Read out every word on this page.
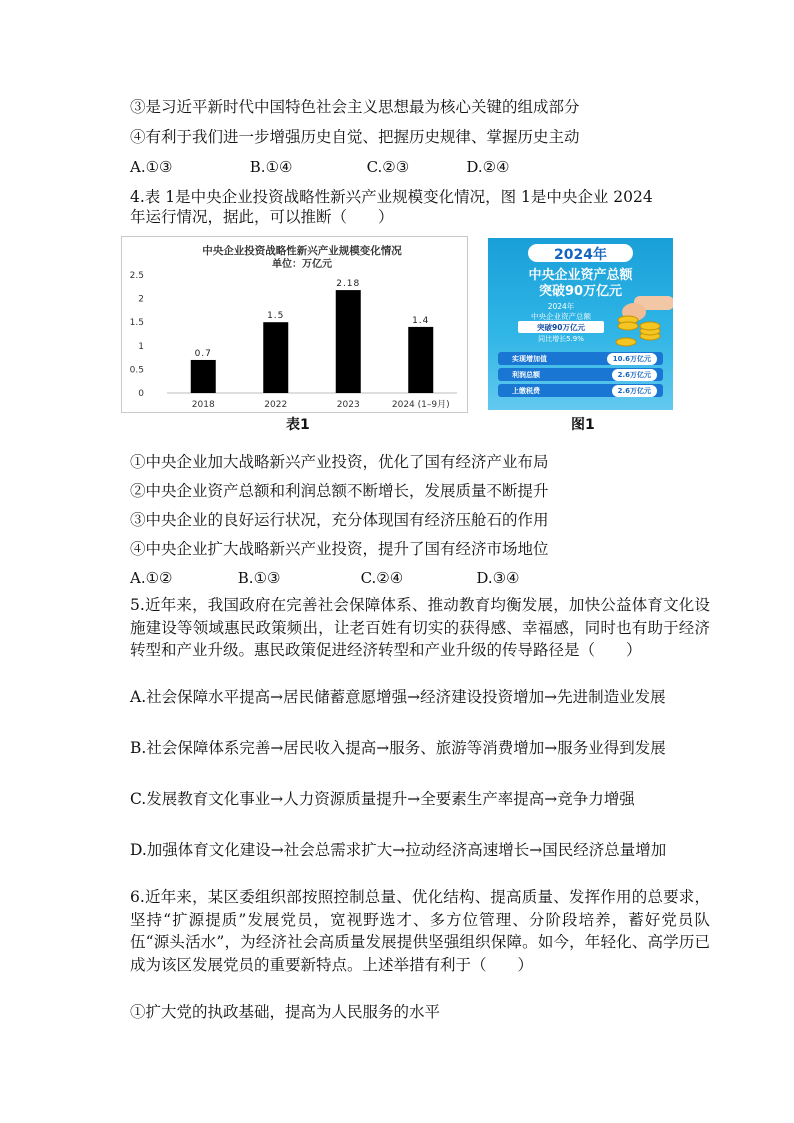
③是习近平新时代中国特色社会主义思想最为核心关键的组成部分
④有利于我们进一步增强历史自觉、把握历史规律、掌握历史主动
A.①③	B.①④	C.②③	D.②④
4.表 1是中央企业投资战略性新兴产业规模变化情况，图 1是中央企业 2024
年运行情况，据此，可以推断（　　）
中央企业投资战略性新兴产业规模变化情况
单位：万亿元
0
0.5
1
1.5
2
2.5
0.7
2018
1.5
2022
2.18
2023
1.4
2024 (1–9月)
表1
2024年
中央企业资产总额
突破90万亿元
2024年
中央企业资产总额
突破90万亿元
同比增长5.9%
实现增加值	10.6万亿元
利润总额	2.6万亿元
上缴税费	2.6万亿元
图1
①中央企业加大战略新兴产业投资，优化了国有经济产业布局
②中央企业资产总额和利润总额不断增长，发展质量不断提升
③中央企业的良好运行状况，充分体现国有经济压舱石的作用
④中央企业扩大战略新兴产业投资，提升了国有经济市场地位
A.①②	B.①③	C.②④	D.③④
5.近年来，我国政府在完善社会保障体系、推动教育均衡发展，加快公益体育文化设施建设等领域惠民政策频出，让老百姓有切实的获得感、幸福感，同时也有助于经济转型和产业升级。惠民政策促进经济转型和产业升级的传导路径是（　　）
A.社会保障水平提高→居民储蓄意愿增强→经济建设投资增加→先进制造业发展
B.社会保障体系完善→居民收入提高→服务、旅游等消费增加→服务业得到发展
C.发展教育文化事业→人力资源质量提升→全要素生产率提高→竞争力增强
D.加强体育文化建设→社会总需求扩大→拉动经济高速增长→国民经济总量增加
6.近年来，某区委组织部按照控制总量、优化结构、提高质量、发挥作用的总要求，坚持“扩源提质”发展党员，宽视野选才、多方位管理、分阶段培养，蓄好党员队伍“源头活水”，为经济社会高质量发展提供坚强组织保障。如今，年轻化、高学历已成为该区发展党员的重要新特点。上述举措有利于（　　）
①扩大党的执政基础，提高为人民服务的水平
